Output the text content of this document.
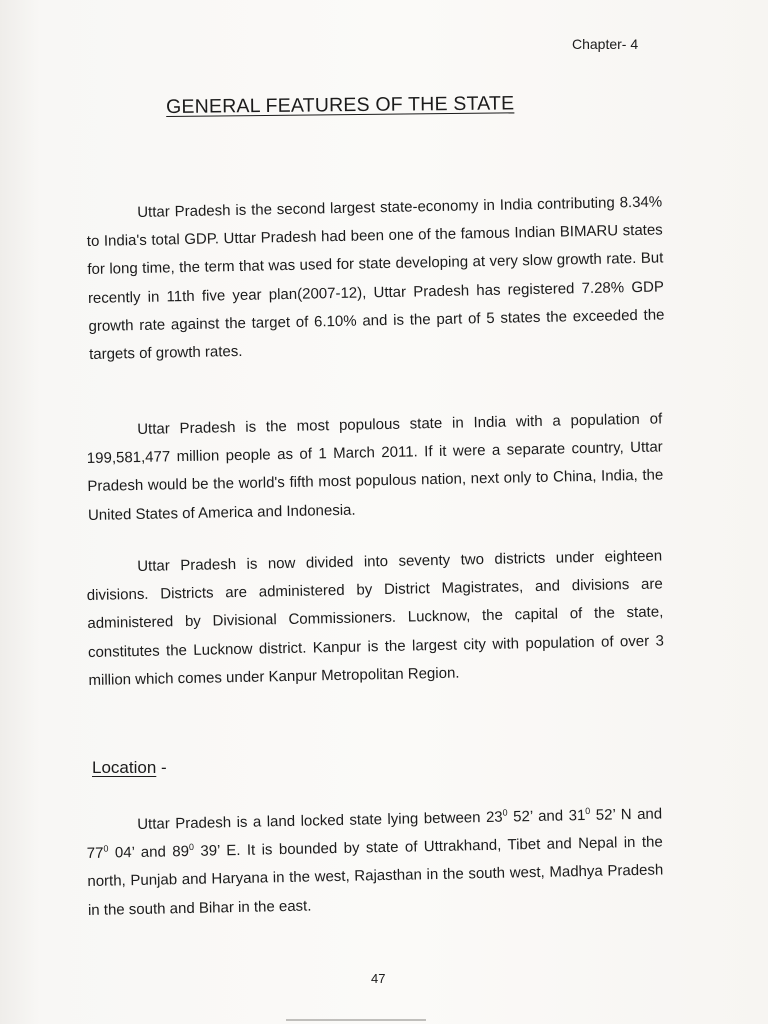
Chapter- 4
GENERAL FEATURES OF THE STATE

Uttar Pradesh is the second largest state-economy in India contributing 8.34% to India's total GDP. Uttar Pradesh had been one of the famous Indian BIMARU states for long time, the term that was used for state developing at very slow growth rate. But recently in 11th five year plan(2007-12), Uttar Pradesh has registered 7.28% GDP growth rate against the target of 6.10% and is the part of 5 states the exceeded the targets of growth rates.

Uttar Pradesh is the most populous state in India with a population of 199,581,477 million people as of 1 March 2011. If it were a separate country, Uttar Pradesh would be the world's fifth most populous nation, next only to China, India, the United States of America and Indonesia.

Uttar Pradesh is now divided into seventy two districts under eighteen divisions. Districts are administered by District Magistrates, and divisions are administered by Divisional Commissioners. Lucknow, the capital of the state, constitutes the Lucknow district. Kanpur is the largest city with population of over 3 million which comes under Kanpur Metropolitan Region.

Location -

Uttar Pradesh is a land locked state lying between $23^0$ 52’ and $31^0$ 52’ N and $77^0$ 04’ and $89^0$ 39’ E. It is bounded by state of Uttrakhand, Tibet and Nepal in the north, Punjab and Haryana in the west, Rajasthan in the south west, Madhya Pradesh in the south and Bihar in the east.

47
